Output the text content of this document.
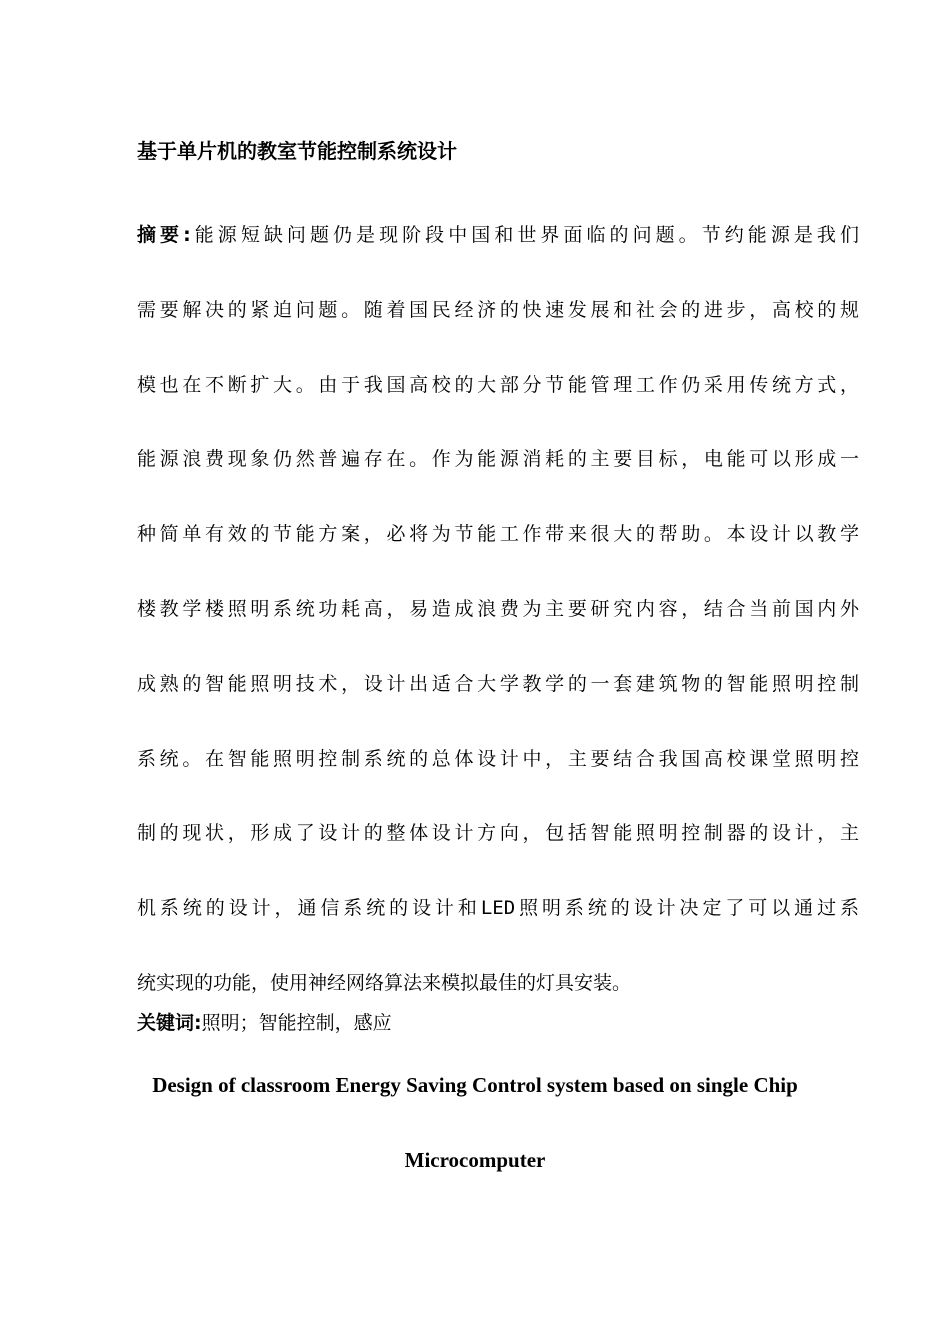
基于单片机的教室节能控制系统设计
摘要:能源短缺问题仍是现阶段中国和世界面临的问题。节约能源是我们
需要解决的紧迫问题。随着国民经济的快速发展和社会的进步，高校的规
模也在不断扩大。由于我国高校的大部分节能管理工作仍采用传统方式，
能源浪费现象仍然普遍存在。作为能源消耗的主要目标，电能可以形成一
种简单有效的节能方案，必将为节能工作带来很大的帮助。本设计以教学
楼教学楼照明系统功耗高，易造成浪费为主要研究内容，结合当前国内外
成熟的智能照明技术，设计出适合大学教学的一套建筑物的智能照明控制
系统。在智能照明控制系统的总体设计中，主要结合我国高校课堂照明控
制的现状，形成了设计的整体设计方向，包括智能照明控制器的设计，主
机系统的设计，通信系统的设计和LED照明系统的设计决定了可以通过系
统实现的功能，使用神经网络算法来模拟最佳的灯具安装。
关键词:照明；智能控制，感应
Design of classroom Energy Saving Control system based on single Chip
Microcomputer
